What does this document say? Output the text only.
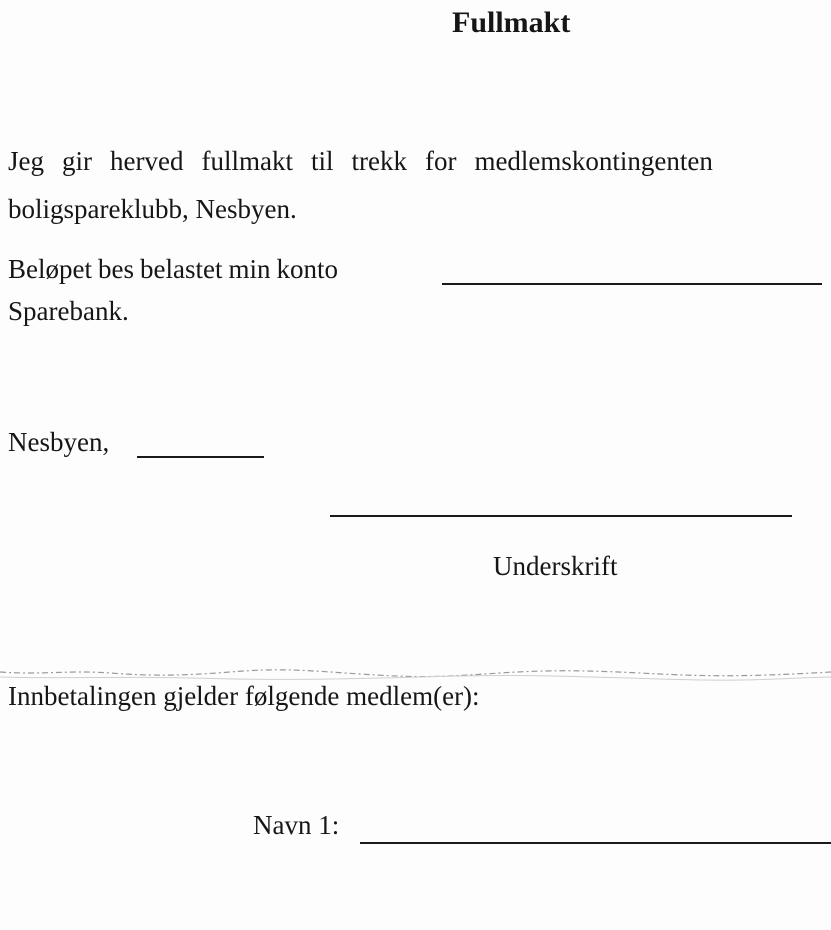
Fullmakt
Jeg gir herved fullmakt til trekk for medlemskontingenten
boligspareklubb, Nesbyen.
Beløpet bes belastet min konto
Sparebank.
Nesbyen,
Underskrift
Innbetalingen gjelder følgende medlem(er):
Navn 1:
